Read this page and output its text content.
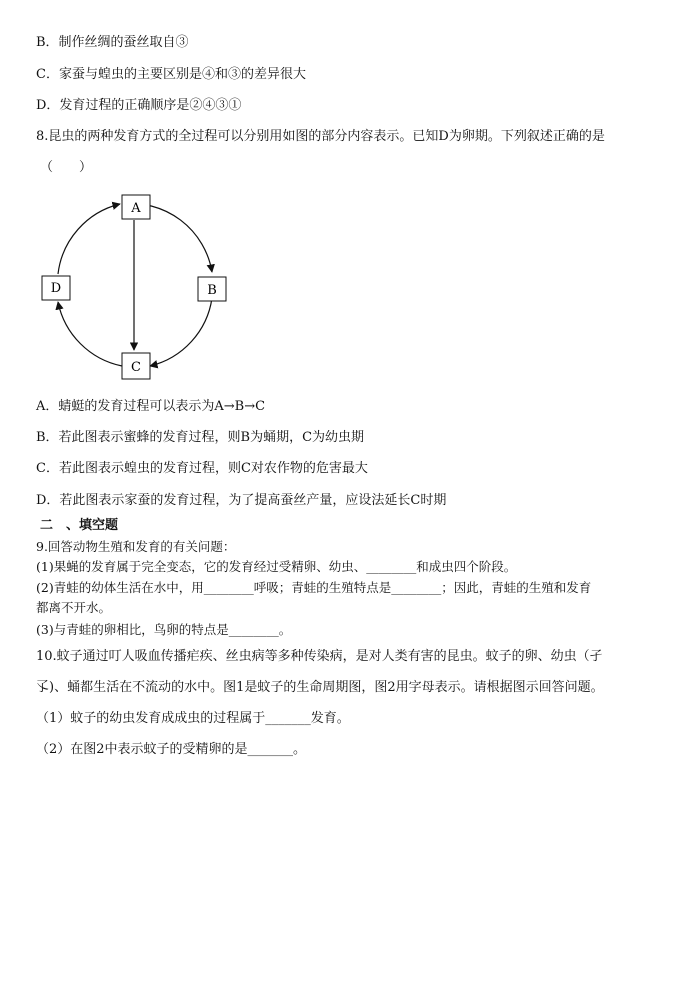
B．制作丝绸的蚕丝取自③
C．家蚕与蝗虫的主要区别是④和③的差异很大
D．发育过程的正确顺序是②④③①
8.昆虫的两种发育方式的全过程可以分别用如图的部分内容表示。已知D为卵期。下列叙述正确的是
（　　）
A
B
C
D
A．蜻蜓的发育过程可以表示为A→B→C
B．若此图表示蜜蜂的发育过程，则B为蛹期，C为幼虫期
C．若此图表示蝗虫的发育过程，则C对农作物的危害最大
D．若此图表示家蚕的发育过程，为了提高蚕丝产量，应设法延长C时期
二　、填空题
9.回答动物生殖和发育的有关问题：
(1)果蝇的发育属于完全变态，它的发育经过受精卵、幼虫、________和成虫四个阶段。
(2)青蛙的幼体生活在水中，用________呼吸；青蛙的生殖特点是________；因此，青蛙的生殖和发育
都离不开水。
(3)与青蛙的卵相比，鸟卵的特点是________。
10.蚊子通过叮人吸血传播疟疾、丝虫病等多种传染病，是对人类有害的昆虫。蚊子的卵、幼虫（孑
孓)、蛹都生活在不流动的水中。图1是蚊子的生命周期图，图2用字母表示。请根据图示回答问题。
（1）蚊子的幼虫发育成成虫的过程属于_______发育。
（2）在图2中表示蚊子的受精卵的是_______。
